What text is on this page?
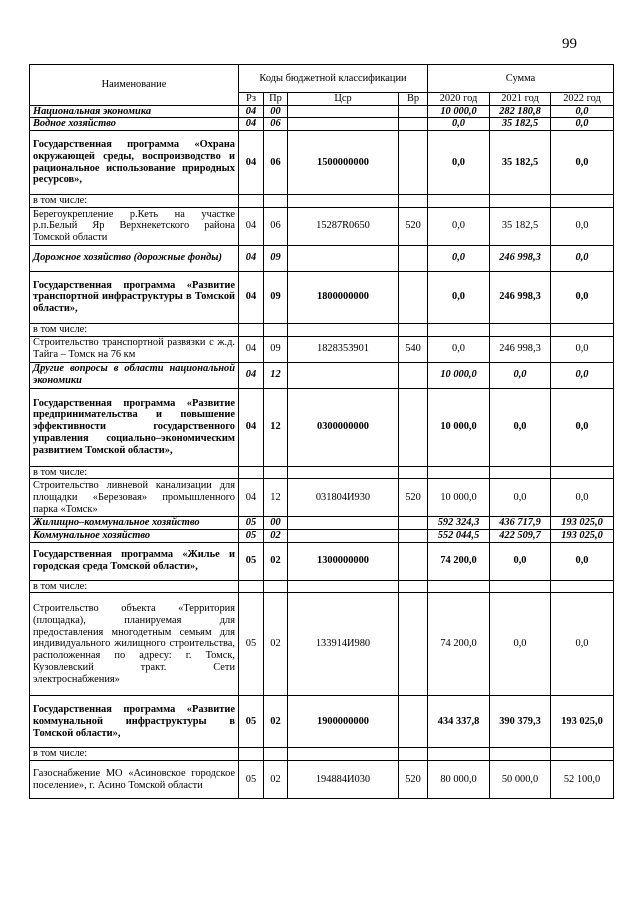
99
Наименование	Коды бюджетной классификации				Сумма		
	Рз	Пр	Цср	Вр	2020 год	2021 год	2022 год
Национальная экономика	04	00			10 000,0	282 180,8	0,0
Водное хозяйство	04	06			0,0	35 182,5	0,0
Государственная программа «Охрана окружающей среды, воспроизводство и рациональное использование природных ресурсов»,	04	06	1500000000		0,0	35 182,5	0,0
в том числе:							
Берегоукрепление р.Кеть на участке р.п.Белый Яр Верхнекетского района Томской области	04	06	15287R0650	520	0,0	35 182,5	0,0
Дорожное хозяйство (дорожные фонды)	04	09			0,0	246 998,3	0,0
Государственная программа «Развитие транспортной инфраструктуры в Томской области»,	04	09	1800000000		0,0	246 998,3	0,0
в том числе:							
Строительство транспортной развязки с ж.д. Тайга – Томск на 76 км	04	09	1828353901	540	0,0	246 998,3	0,0
Другие вопросы в области национальной экономики	04	12			10 000,0	0,0	0,0
Государственная программа «Развитие предпринимательства и повышение эффективности государственного управления социально–экономическим развитием Томской области»,	04	12	0300000000		10 000,0	0,0	0,0
в том числе:							
Строительство ливневой канализации для площадки «Березовая» промышленного парка «Томск»	04	12	031804И930	520	10 000,0	0,0	0,0
Жилищно–коммунальное хозяйство	05	00			592 324,3	436 717,9	193 025,0
Коммунальное хозяйство	05	02			552 044,5	422 509,7	193 025,0
Государственная программа «Жилье и городская среда Томской области»,	05	02	1300000000		74 200,0	0,0	0,0
в том числе:							
Строительство объекта «Территория (площадка), планируемая для предоставления многодетным семьям для индивидуального жилищного строительства, расположенная по адресу: г. Томск, Кузовлевский тракт. Сети электроснабжения»	05	02	133914И980		74 200,0	0,0	0,0
Государственная программа «Развитие коммунальной инфраструктуры в Томской области»,	05	02	1900000000		434 337,8	390 379,3	193 025,0
в том числе:							
Газоснабжение МО «Асиновское городское поселение», г. Асино Томской области	05	02	194884И030	520	80 000,0	50 000,0	52 100,0
